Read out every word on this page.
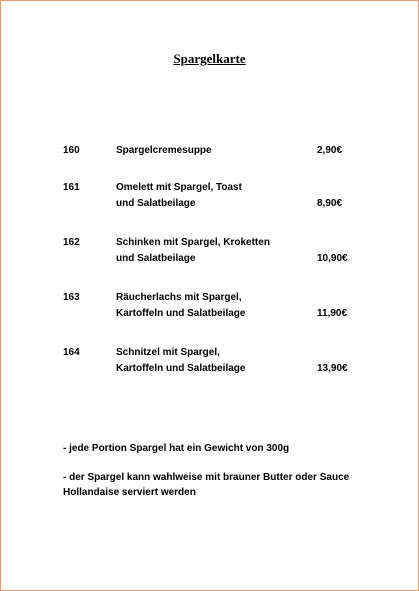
Spargelkarte
160	Spargelcremesuppe	2,90€
161	Omelett mit Spargel, Toast
und Salatbeilage	8,90€
162	Schinken mit Spargel, Kroketten
und Salatbeilage	10,90€
163	Räucherlachs mit Spargel,
Kartoffeln und Salatbeilage	11,90€
164	Schnitzel mit Spargel,
Kartoffeln und Salatbeilage	13,90€
- jede Portion Spargel hat ein Gewicht von 300g
- der Spargel kann wahlweise mit brauner Butter oder Sauce Hollandaise serviert werden
